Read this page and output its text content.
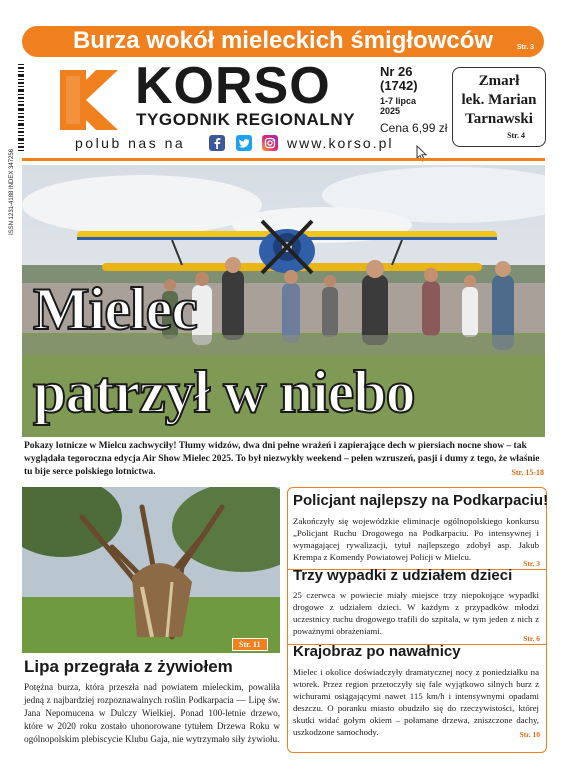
Burza wokół mieleckich śmigłowców	Str. 3
ISSN 1231-4188 INDEX 347256
KORSO
TYGODNIK REGIONALNY
Nr 26
(1742)
1-7 lipca
2025
Cena 6,99 zł
Zmarł
lek. Marian
Tarnawski
Str. 4
polub nas na	www.korso.pl
Mielec
patrzył w niebo
Pokazy lotnicze w Mielcu zachwyciły! Tłumy widzów, dwa dni pełne wrażeń i zapierające dech w piersiach nocne show – tak wyglądała tegoroczna edycja Air Show Mielec 2025. To był niezwykły weekend – pełen wzruszeń, pasji i dumy z tego, że właśnie tu bije serce polskiego lotnictwa.	Str. 15-18
Str. 11
Lipa przegrała z żywiołem
Potężna burza, która przeszła nad powiatem mieleckim, powaliła jedną z najbardziej rozpoznawalnych roślin Podkarpacia — Lipę św. Jana Nepomucena w Dulczy Wielkiej. Ponad 100-letnie drzewo, które w 2020 roku zostało uhonorowane tytułem Drzewa Roku w ogólnopolskim plebiscycie Klubu Gaja, nie wytrzymało siły żywiołu.
Policjant najlepszy na Podkarpaciu!
Zakończyły się wojewódzkie eliminacje ogólnopolskiego konkursu „Policjant Ruchu Drogowego na Podkarpaciu. Po intensywnej i wymagającej rywalizacji, tytuł najlepszego zdobył asp. Jakub Krempa z Komendy Powiatowej Policji w Mielcu.
Str. 3
Trzy wypadki z udziałem dzieci
25 czerwca w powiecie miały miejsce trzy niepokojące wypadki drogowe z udziałem dzieci. W każdym z przypadków młodzi uczestnicy ruchu drogowego trafili do szpitala, w tym jeden z nich z poważnymi obrażeniami.
Str. 6
Krajobraz po nawałnicy
Mielec i okolice doświadczyły dramatycznej nocy z poniedziałku na wtorek. Przez region przetoczyły się fale wyjątkowo silnych burz z wichurami osiągającymi nawet 115 km/h i intensywnymi opadami deszczu. O poranku miasto obudziło się do rzeczywistości, której skutki widać gołym okiem – połamane drzewa, zniszczone dachy, uszkodzone samochody.	Str. 10
